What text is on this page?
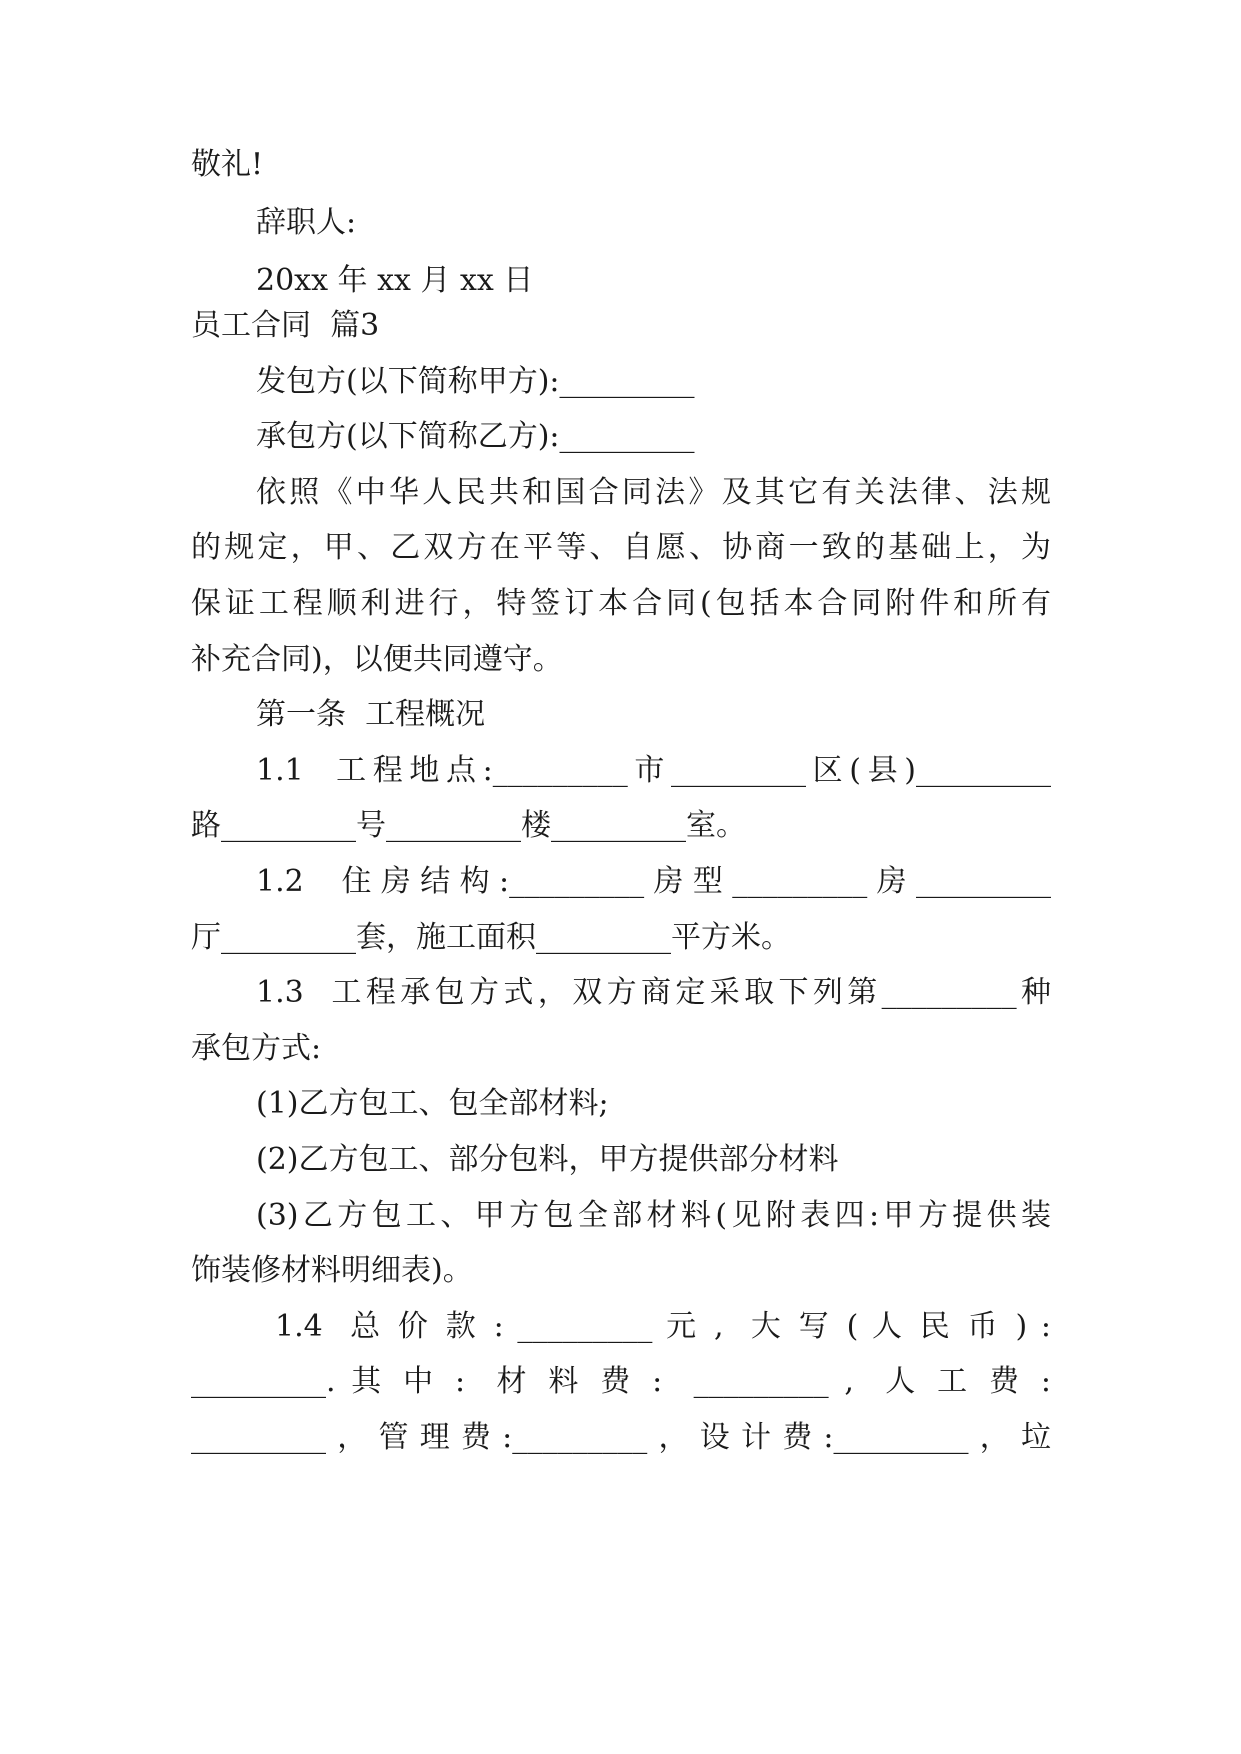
敬礼!
辞职人:
20xx 年 xx 月 xx 日
员工合同  篇3
发包方(以下简称甲方):_________
承包方(以下简称乙方):_________
依照《中华人民共和国合同法》及其它有关法律、法规
的规定，甲、乙双方在平等、自愿、协商一致的基础上，为
保证工程顺利进行，特签订本合同(包括本合同附件和所有
补充合同)，以便共同遵守。
第一条  工程概况
1.1  工程地点:_________市_________区(县)_________
路_________号_________楼_________室。
1.2  住房结构:_________房型_________房_________
厅_________套，施工面积_________平方米。
1.3  工程承包方式，双方商定采取下列第_________种
承包方式:
(1)乙方包工、包全部材料;
(2)乙方包工、部分包料，甲方提供部分材料
(3)乙方包工、甲方包全部材料(见附表四:甲方提供装
饰装修材料明细表)。
1.4  总 价 款 : _________ 元 ,  大 写 ( 人 民 币 ) :
_________. 其 中 :  材 料 费 :  _________ ,  人 工 费 :
_________，管理费:_________，设计费:_________，垃
